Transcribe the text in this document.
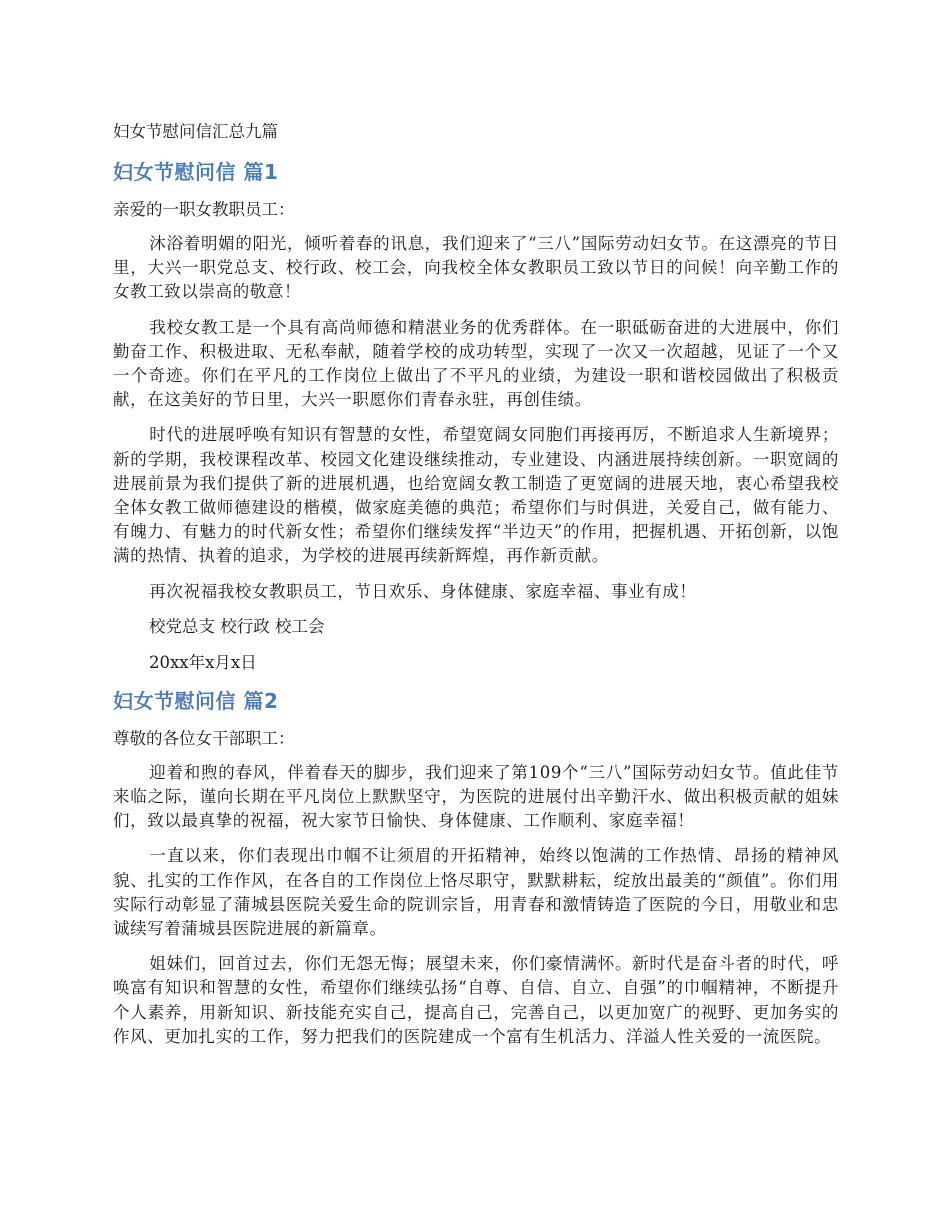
妇女节慰问信汇总九篇
妇女节慰问信 篇1
亲爱的一职女教职员工：

沐浴着明媚的阳光，倾听着春的讯息，我们迎来了“三八”国际劳动妇女节。在这漂亮的节日里，大兴一职党总支、校行政、校工会，向我校全体女教职员工致以节日的问候！向辛勤工作的女教工致以崇高的敬意！

我校女教工是一个具有高尚师德和精湛业务的优秀群体。在一职砥砺奋进的大进展中，你们勤奋工作、积极进取、无私奉献，随着学校的成功转型，实现了一次又一次超越，见证了一个又一个奇迹。你们在平凡的工作岗位上做出了不平凡的业绩，为建设一职和谐校园做出了积极贡献，在这美好的节日里，大兴一职愿你们青春永驻，再创佳绩。

时代的进展呼唤有知识有智慧的女性，希望宽阔女同胞们再接再厉，不断追求人生新境界；新的学期，我校课程改革、校园文化建设继续推动，专业建设、内涵进展持续创新。一职宽阔的进展前景为我们提供了新的进展机遇，也给宽阔女教工制造了更宽阔的进展天地，衷心希望我校全体女教工做师德建设的楷模，做家庭美德的典范；希望你们与时俱进，关爱自己，做有能力、有魄力、有魅力的时代新女性；希望你们继续发挥“半边天”的作用，把握机遇、开拓创新，以饱满的热情、执着的追求，为学校的进展再续新辉煌，再作新贡献。

再次祝福我校女教职员工，节日欢乐、身体健康、家庭幸福、事业有成！

校党总支 校行政 校工会
20xx年x月x日
妇女节慰问信 篇2
尊敬的各位女干部职工：

迎着和煦的春风，伴着春天的脚步，我们迎来了第109个“三八”国际劳动妇女节。值此佳节来临之际，谨向长期在平凡岗位上默默坚守，为医院的进展付出辛勤汗水、做出积极贡献的姐妹们，致以最真挚的祝福，祝大家节日愉快、身体健康、工作顺利、家庭幸福！

一直以来，你们表现出巾帼不让须眉的开拓精神，始终以饱满的工作热情、昂扬的精神风貌、扎实的工作作风，在各自的工作岗位上恪尽职守，默默耕耘，绽放出最美的“颜值”。你们用实际行动彰显了蒲城县医院关爱生命的院训宗旨，用青春和激情铸造了医院的今日，用敬业和忠诚续写着蒲城县医院进展的新篇章。

姐妹们，回首过去，你们无怨无悔；展望未来，你们豪情满怀。新时代是奋斗者的时代，呼唤富有知识和智慧的女性，希望你们继续弘扬“自尊、自信、自立、自强”的巾帼精神，不断提升个人素养，用新知识、新技能充实自己，提高自己，完善自己，以更加宽广的视野、更加务实的作风、更加扎实的工作，努力把我们的医院建成一个富有生机活力、洋溢人性关爱的一流医院。
